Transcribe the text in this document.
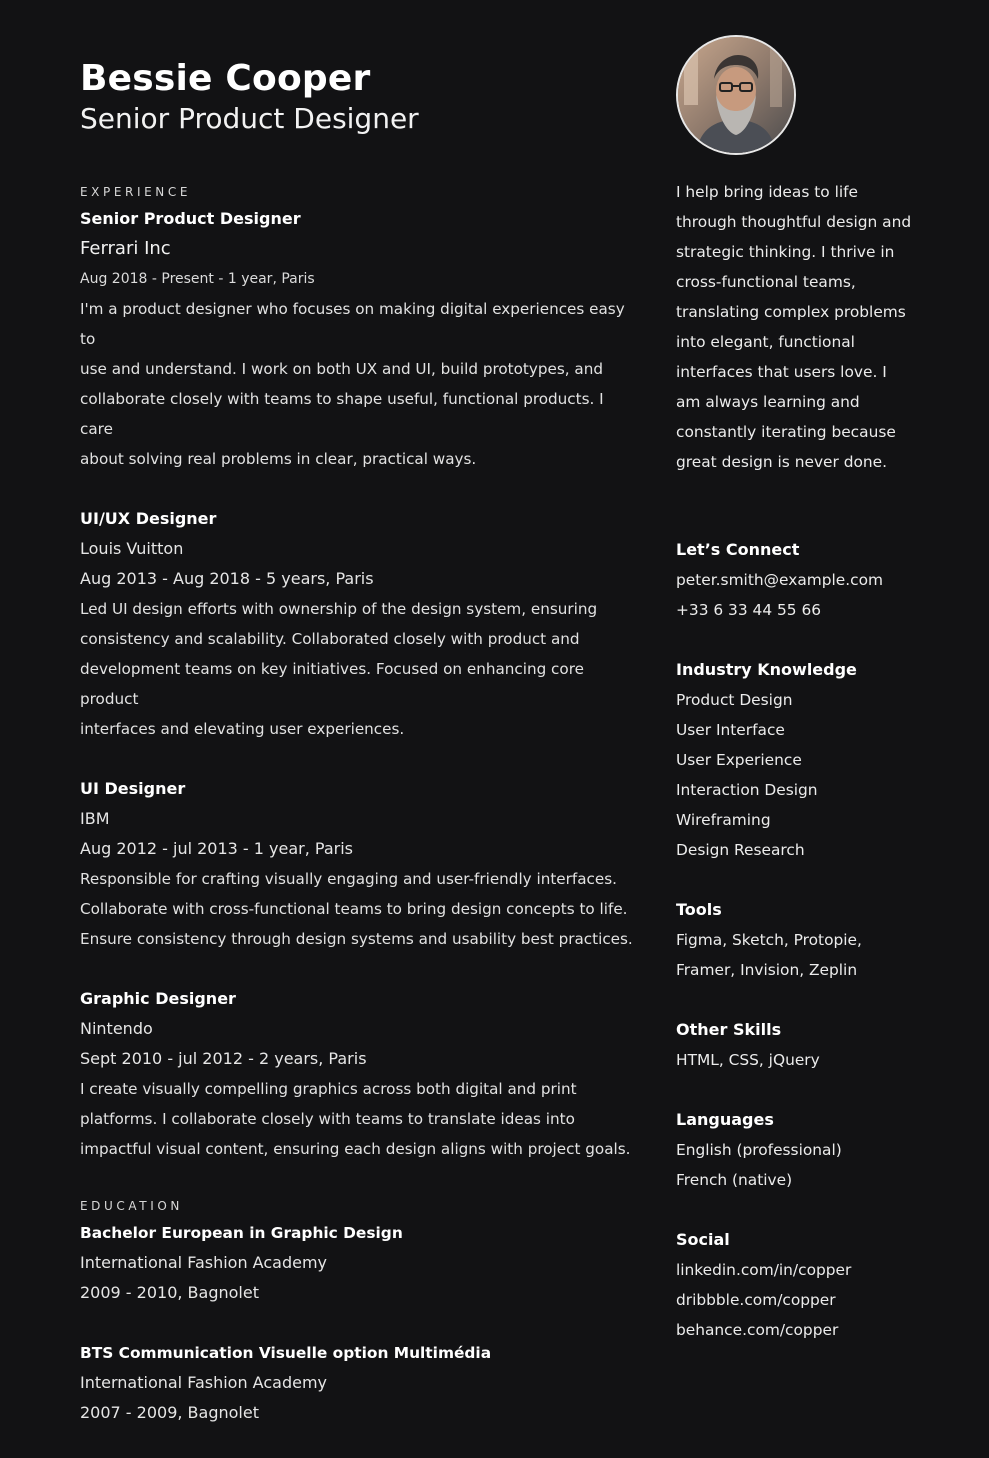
Bessie Cooper
Senior Product Designer
EXPERIENCE
Senior Product Designer
Ferrari Inc
Aug 2018 - Present - 1 year, Paris
I'm a product designer who focuses on making digital experiences easy to
use and understand. I work on both UX and UI, build prototypes, and
collaborate closely with teams to shape useful, functional products. I care
about solving real problems in clear, practical ways.
UI/UX Designer
Louis Vuitton
Aug 2013 - Aug 2018 - 5 years, Paris
Led UI design efforts with ownership of the design system, ensuring
consistency and scalability. Collaborated closely with product and
development teams on key initiatives. Focused on enhancing core product
interfaces and elevating user experiences.
UI Designer
IBM
Aug 2012 - jul 2013 - 1 year, Paris
Responsible for crafting visually engaging and user-friendly interfaces.
Collaborate with cross-functional teams to bring design concepts to life.
Ensure consistency through design systems and usability best practices.
Graphic Designer
Nintendo
Sept 2010 - jul 2012 - 2 years, Paris
I create visually compelling graphics across both digital and print
platforms. I collaborate closely with teams to translate ideas into
impactful visual content, ensuring each design aligns with project goals.
EDUCATION
Bachelor European in Graphic Design
International Fashion Academy
2009 - 2010, Bagnolet
BTS Communication Visuelle option Multimédia
International Fashion Academy
2007 - 2009, Bagnolet
I help bring ideas to life
through thoughtful design and
strategic thinking. I thrive in
cross-functional teams,
translating complex problems
into elegant, functional
interfaces that users love. I
am always learning and
constantly iterating because
great design is never done.
Let’s Connect
peter.smith@example.com
+33 6 33 44 55 66
Industry Knowledge
Product Design
User Interface
User Experience
Interaction Design
Wireframing
Design Research
Tools
Figma, Sketch, Protopie,
Framer, Invision, Zeplin
Other Skills
HTML, CSS, jQuery
Languages
English (professional)
French (native)
Social
linkedin.com/in/copper
dribbble.com/copper
behance.com/copper
